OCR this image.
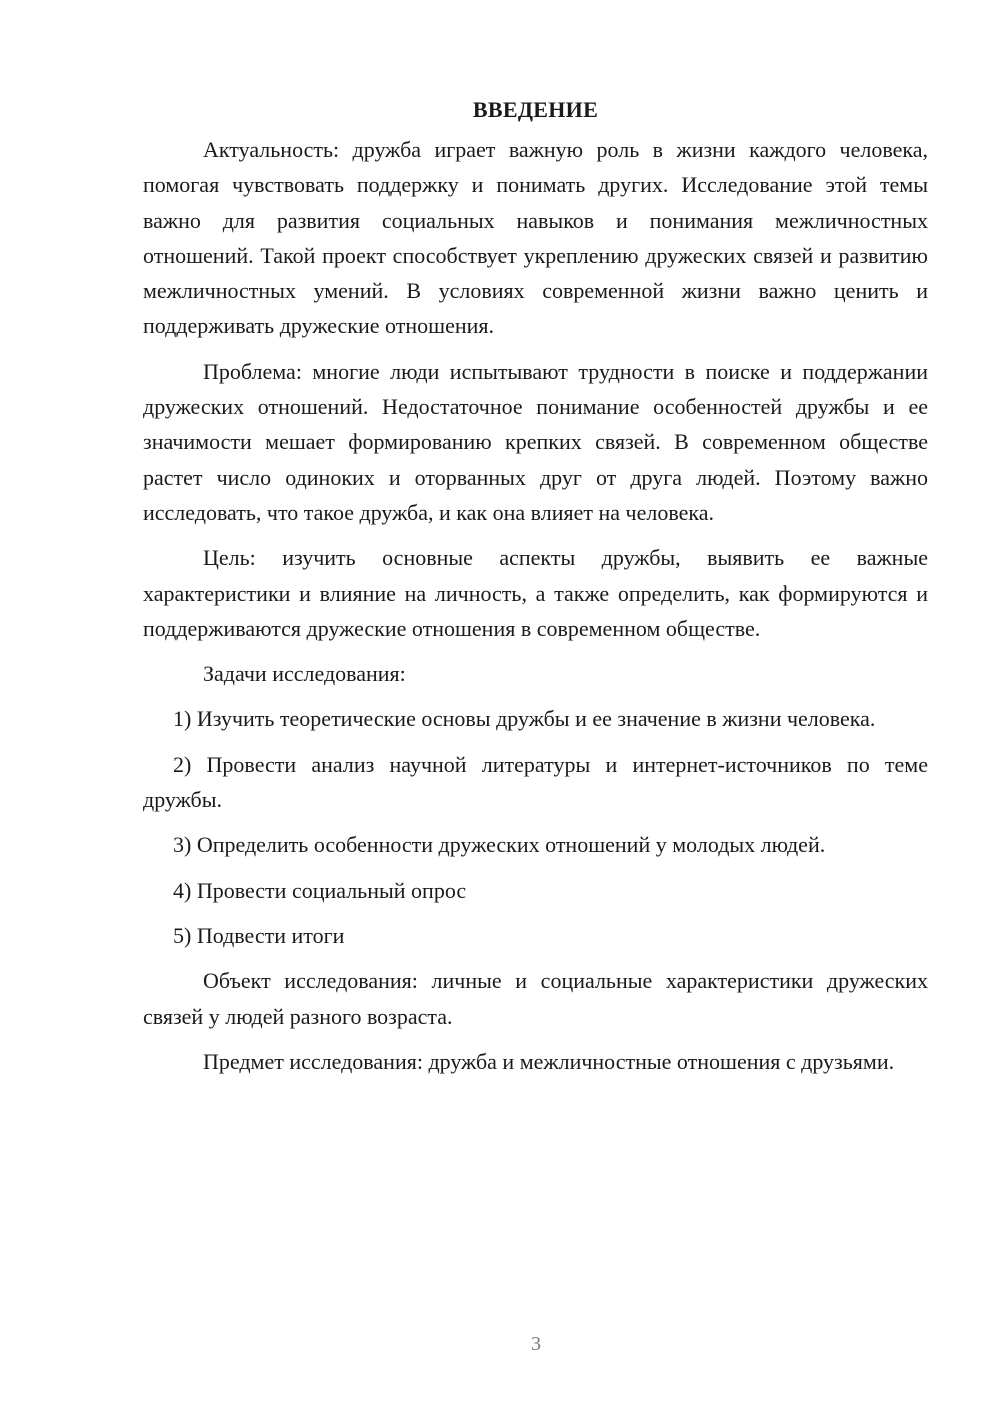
ВВЕДЕНИЕ

Актуальность: дружба играет важную роль в жизни каждого человека, помогая чувствовать поддержку и понимать других. Исследование этой темы важно для развития социальных навыков и понимания межличностных отношений. Такой проект способствует укреплению дружеских связей и развитию межличностных умений. В условиях современной жизни важно ценить и поддерживать дружеские отношения.

Проблема: многие люди испытывают трудности в поиске и поддержании дружеских отношений. Недостаточное понимание особенностей дружбы и ее значимости мешает формированию крепких связей. В современном обществе растет число одиноких и оторванных друг от друга людей. Поэтому важно исследовать, что такое дружба, и как она влияет на человека.

Цель: изучить основные аспекты дружбы, выявить ее важные характеристики и влияние на личность, а также определить, как формируются и поддерживаются дружеские отношения в современном обществе.

Задачи исследования:

1) Изучить теоретические основы дружбы и ее значение в жизни человека.

2) Провести анализ научной литературы и интернет-источников по теме дружбы.

3) Определить особенности дружеских отношений у молодых людей.

4) Провести социальный опрос

5) Подвести итоги

Объект исследования: личные и социальные характеристики дружеских связей у людей разного возраста.

Предмет исследования: дружба и межличностные отношения с друзьями.

3
